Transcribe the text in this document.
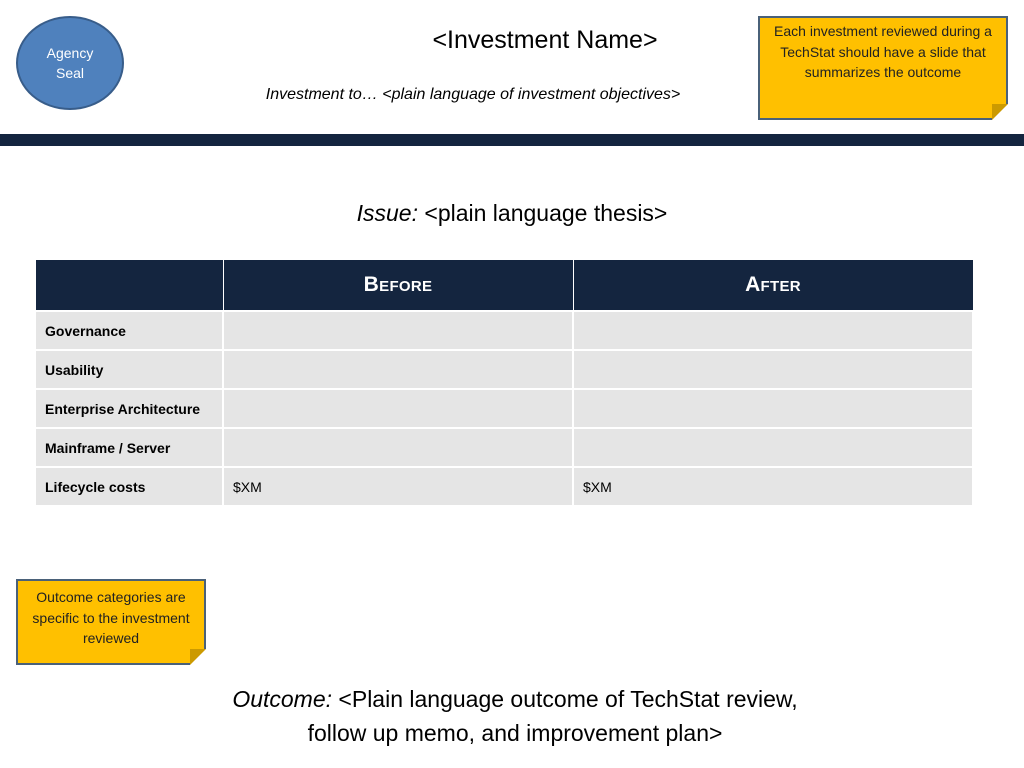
Agency
Seal
<Investment Name>
Investment to… <plain language of investment objectives>
Each investment reviewed during a TechStat should have a slide that summarizes the outcome
Issue: <plain language thesis>
	Before	After
Governance		
Usability		
Enterprise Architecture		
Mainframe / Server		
Lifecycle costs	$XM	$XM
Outcome categories are specific to the investment reviewed
Outcome: <Plain language outcome of TechStat review,
follow up memo, and improvement plan>
